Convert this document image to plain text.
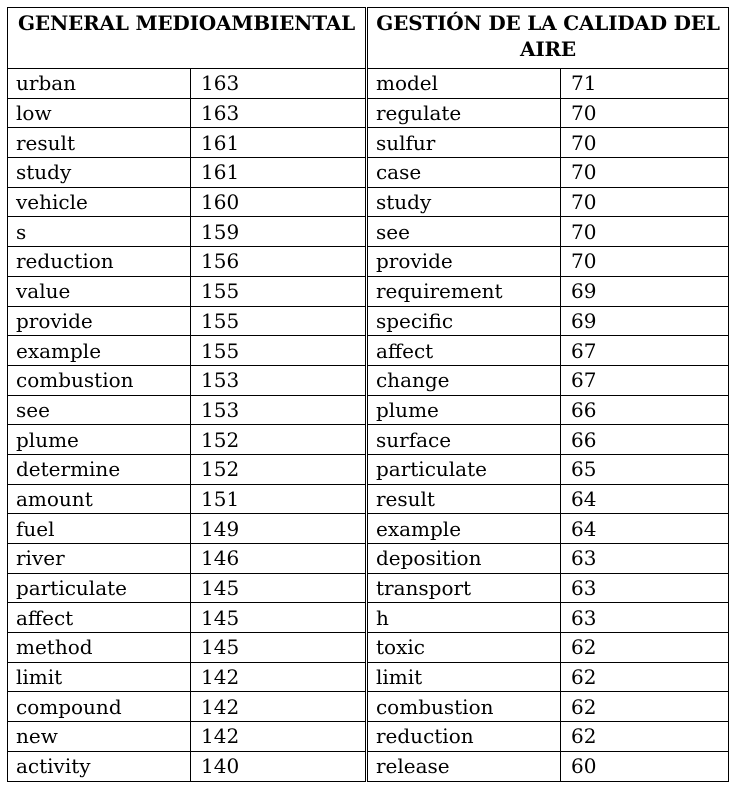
GENERAL MEDIOAMBIENTAL	
urban	163
low	163
result	161
study	161
vehicle	160
s	159
reduction	156
value	155
provide	155
example	155
combustion	153
see	153
plume	152
determine	152
amount	151
fuel	149
river	146
particulate	145
affect	145
method	145
limit	142
compound	142
new	142
activity	140
GESTIÓN DE LA CALIDAD DEL AIRE	
model	71
regulate	70
sulfur	70
case	70
study	70
see	70
provide	70
requirement	69
specific	69
affect	67
change	67
plume	66
surface	66
particulate	65
result	64
example	64
deposition	63
transport	63
h	63
toxic	62
limit	62
combustion	62
reduction	62
release	60
